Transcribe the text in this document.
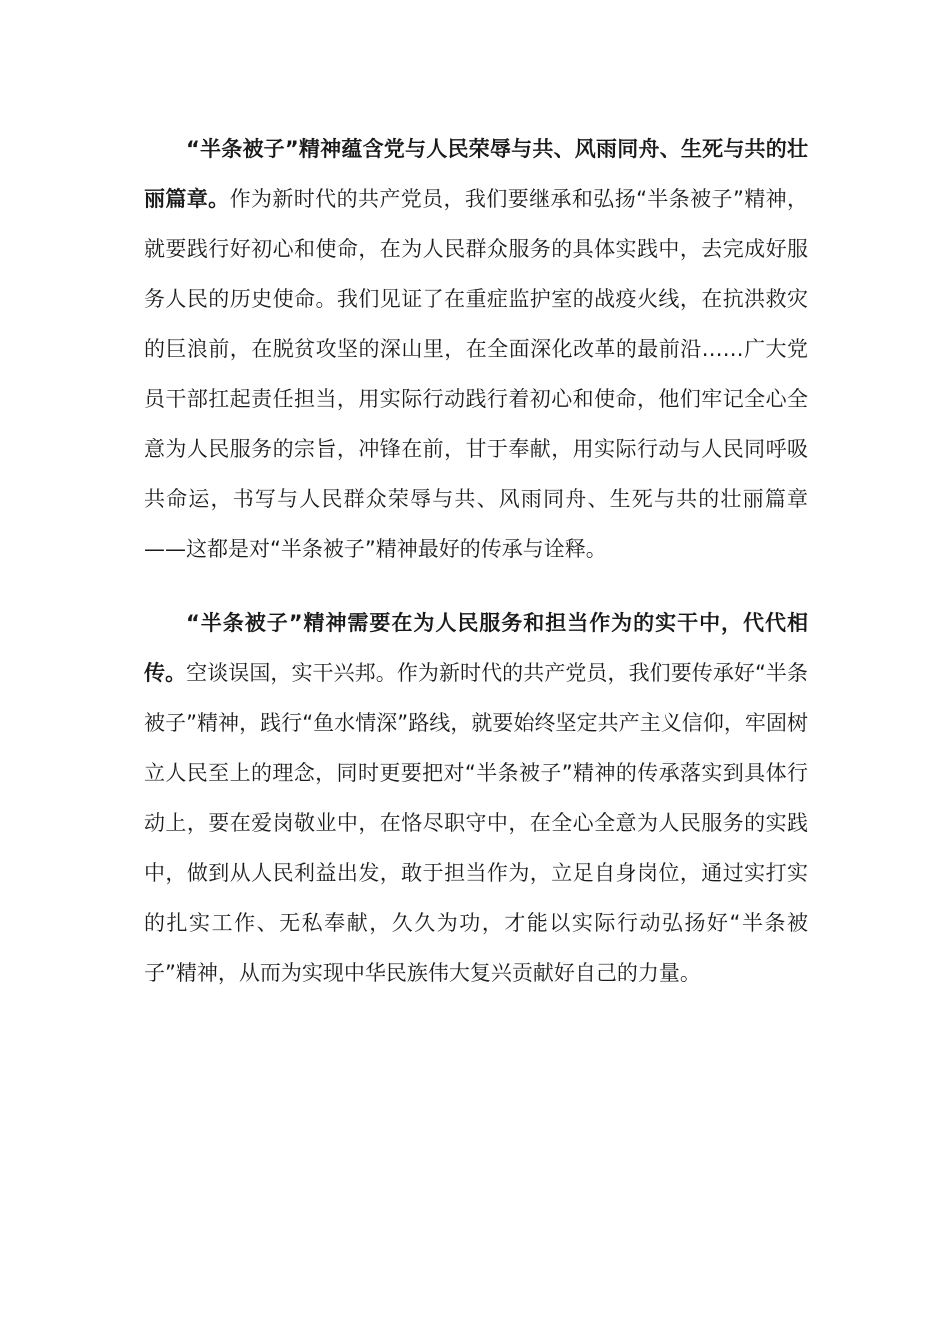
“半条被子”精神蕴含党与人民荣辱与共、风雨同舟、生死与共的壮丽篇章。作为新时代的共产党员，我们要继承和弘扬“半条被子”精神，就要践行好初心和使命，在为人民群众服务的具体实践中，去完成好服务人民的历史使命。我们见证了在重症监护室的战疫火线，在抗洪救灾的巨浪前，在脱贫攻坚的深山里，在全面深化改革的最前沿……广大党员干部扛起责任担当，用实际行动践行着初心和使命，他们牢记全心全意为人民服务的宗旨，冲锋在前，甘于奉献，用实际行动与人民同呼吸共命运，书写与人民群众荣辱与共、风雨同舟、生死与共的壮丽篇章——这都是对“半条被子”精神最好的传承与诠释。

“半条被子”精神需要在为人民服务和担当作为的实干中，代代相传。空谈误国，实干兴邦。作为新时代的共产党员，我们要传承好“半条被子”精神，践行“鱼水情深”路线，就要始终坚定共产主义信仰，牢固树立人民至上的理念，同时更要把对“半条被子”精神的传承落实到具体行动上，要在爱岗敬业中，在恪尽职守中，在全心全意为人民服务的实践中，做到从人民利益出发，敢于担当作为，立足自身岗位，通过实打实的扎实工作、无私奉献，久久为功，才能以实际行动弘扬好“半条被子”精神，从而为实现中华民族伟大复兴贡献好自己的力量。
